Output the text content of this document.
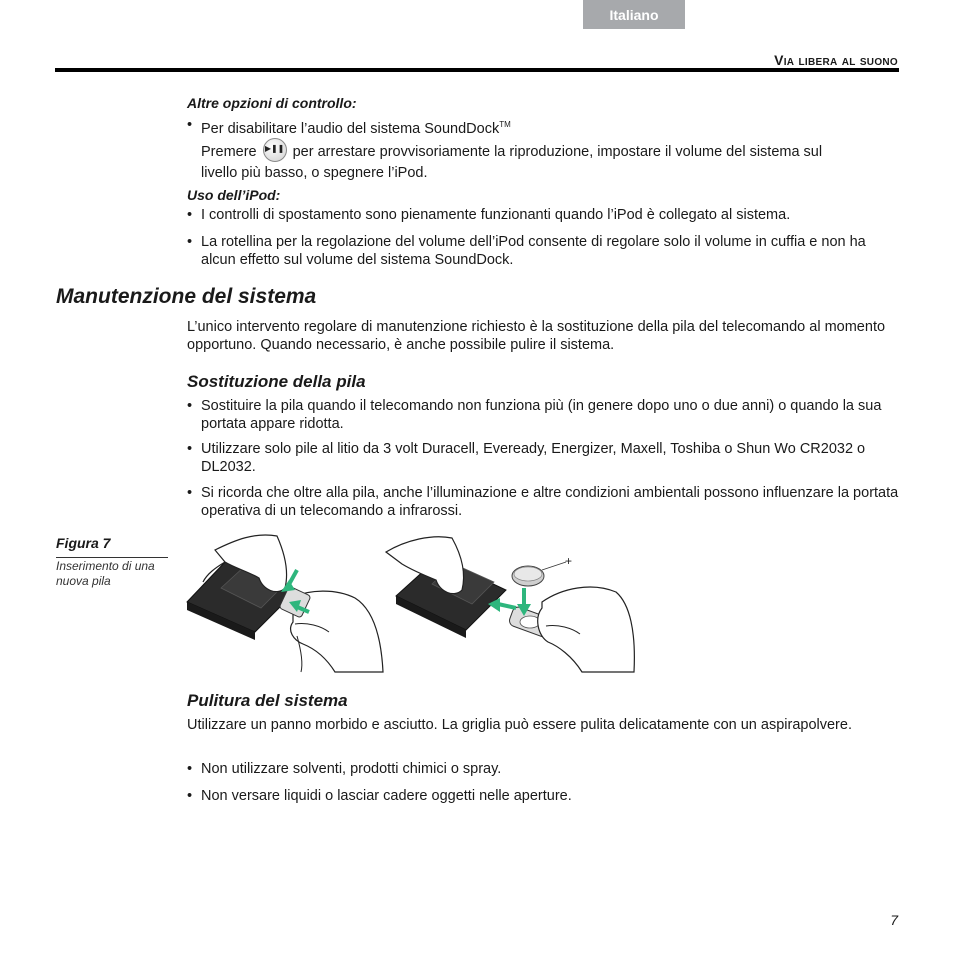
Italiano
Via libera al suono
Altre opzioni di controllo:
• Per disabilitare l’audio del sistema SoundDock™
Premere ▶❚❚ per arrestare provvisoriamente la riproduzione, impostare il volume del sistema sul
livello più basso, o spegnere l’iPod.
Uso dell’iPod:
• I controlli di spostamento sono pienamente funzionanti quando l’iPod è collegato al sistema.
• La rotellina per la regolazione del volume dell’iPod consente di regolare solo il volume in cuffia e non ha alcun effetto sul volume del sistema SoundDock.
Manutenzione del sistema
L’unico intervento regolare di manutenzione richiesto è la sostituzione della pila del telecomando al momento opportuno. Quando necessario, è anche possibile pulire il sistema.
Sostituzione della pila
• Sostituire la pila quando il telecomando non funziona più (in genere dopo uno o due anni) o quando la sua portata appare ridotta.
• Utilizzare solo pile al litio da 3 volt Duracell, Eveready, Energizer, Maxell, Toshiba o Shun Wo CR2032 o DL2032.
• Si ricorda che oltre alla pila, anche l’illuminazione e altre condizioni ambientali possono influenzare la portata operativa di un telecomando a infrarossi.
Figura 7
Inserimento di una nuova pila
+
Pulitura del sistema
Utilizzare un panno morbido e asciutto. La griglia può essere pulita delicatamente con un aspirapolvere.
• Non utilizzare solventi, prodotti chimici o spray.
• Non versare liquidi o lasciar cadere oggetti nelle aperture.
7
